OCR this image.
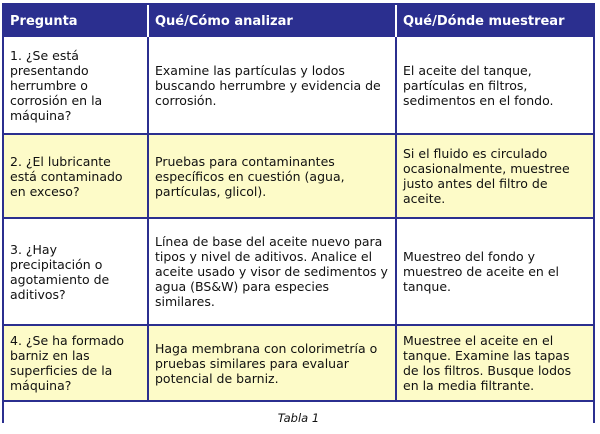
Pregunta	Qué/Cómo analizar	Qué/Dónde muestrear
1. ¿Se está presentando herrumbre o corrosión en la máquina?	Examine las partículas y lodos buscando herrumbre y evidencia de corrosión.	El aceite del tanque, partículas en filtros, sedimentos en el fondo.
2. ¿El lubricante está contaminado en exceso?	Pruebas para contaminantes específicos en cuestión (agua, partículas, glicol).	Si el fluido es circulado ocasionalmente, muestree justo antes del filtro de aceite.
3. ¿Hay precipitación o agotamiento de aditivos?	Línea de base del aceite nuevo para tipos y nivel de aditivos. Analice el aceite usado y visor de sedimentos y agua (BS&W) para especies similares.	Muestreo del fondo y muestreo de aceite en el tanque.
4. ¿Se ha formado barniz en las superficies de la máquina?	Haga membrana con colorimetría o pruebas similares para evaluar potencial de barniz.	Muestree el aceite en el tanque. Examine las tapas de los filtros. Busque lodos en la media filtrante.
Tabla 1		
